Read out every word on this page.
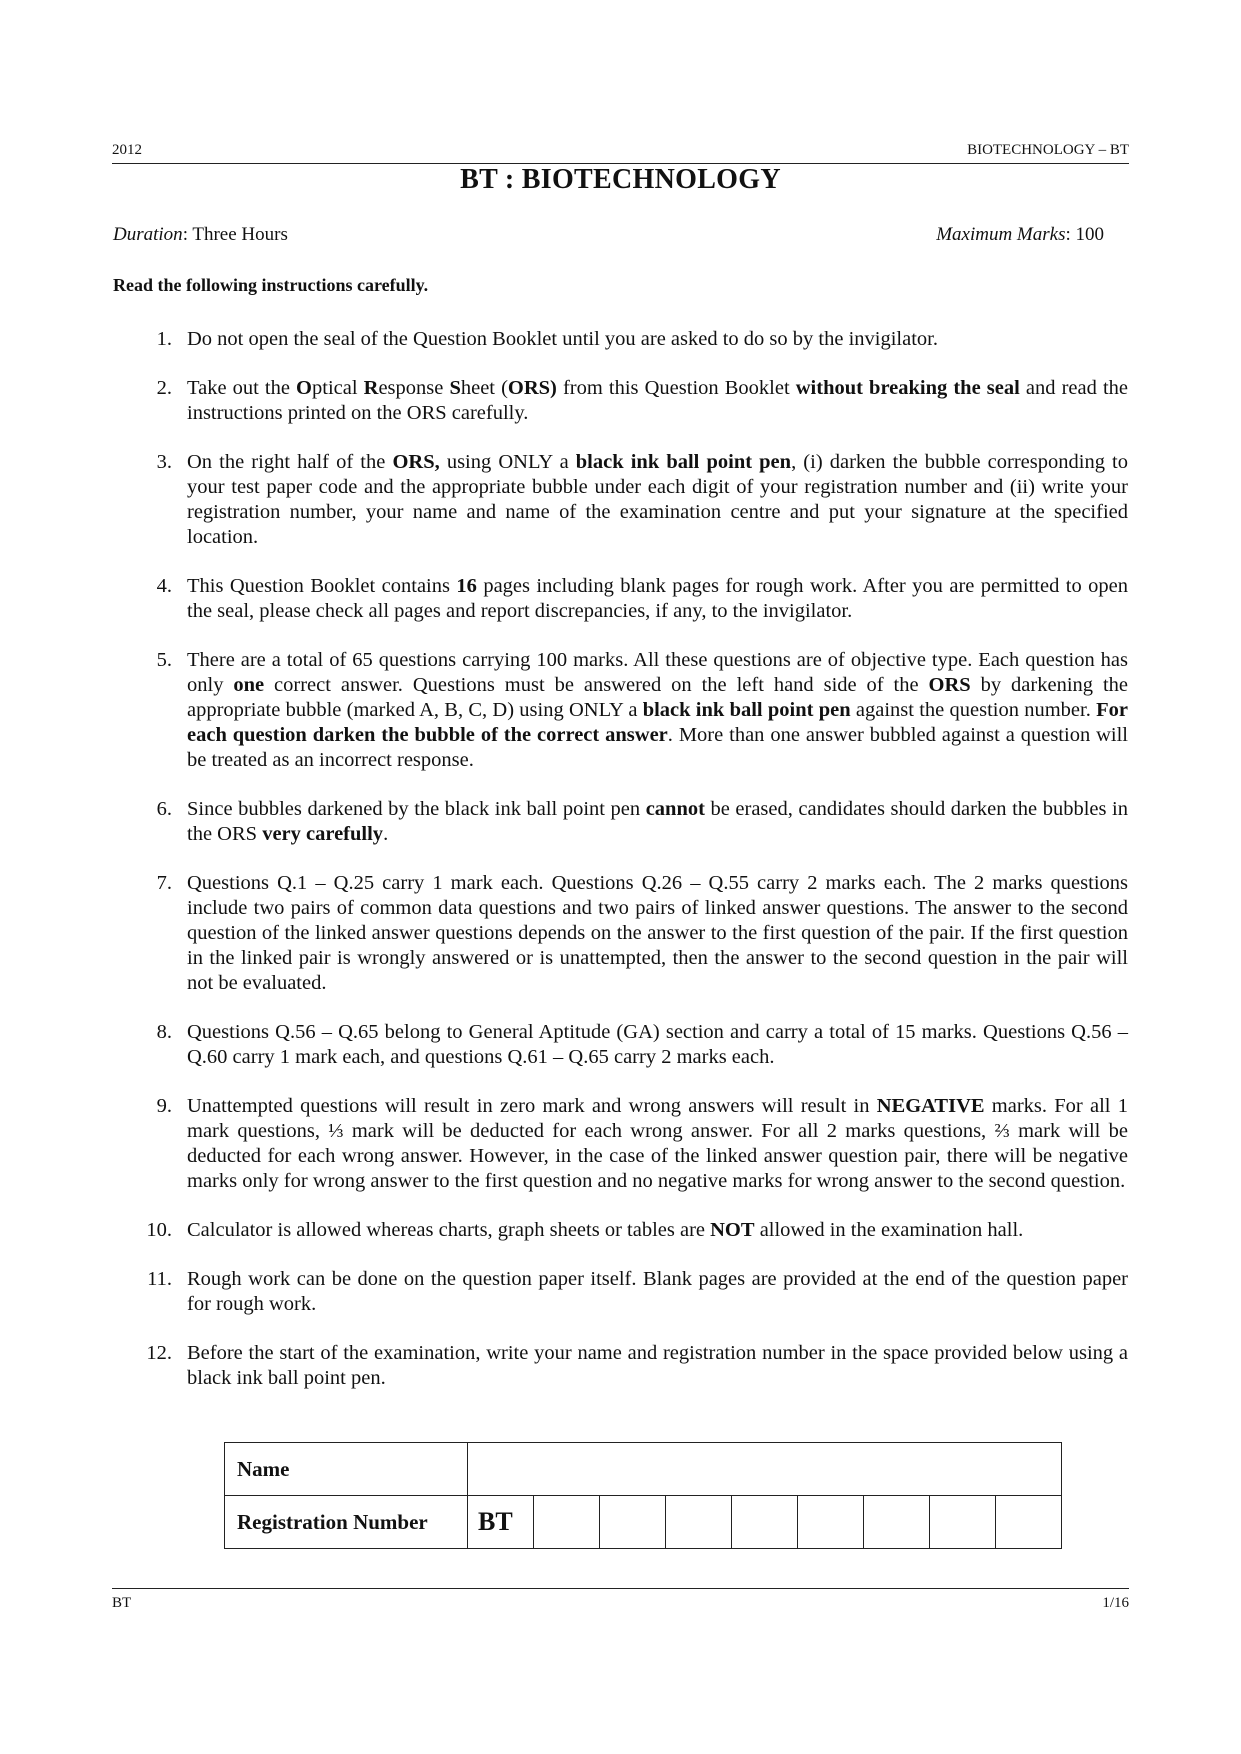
2012	BIOTECHNOLOGY – BT
BT : BIOTECHNOLOGY
Duration: Three Hours	Maximum Marks: 100
Read the following instructions carefully.
1. Do not open the seal of the Question Booklet until you are asked to do so by the invigilator.
2. Take out the Optical Response Sheet (ORS) from this Question Booklet without breaking the seal and read the instructions printed on the ORS carefully.
3. On the right half of the ORS, using ONLY a black ink ball point pen, (i) darken the bubble corresponding to your test paper code and the appropriate bubble under each digit of your registration number and (ii) write your registration number, your name and name of the examination centre and put your signature at the specified location.
4. This Question Booklet contains 16 pages including blank pages for rough work. After you are permitted to open the seal, please check all pages and report discrepancies, if any, to the invigilator.
5. There are a total of 65 questions carrying 100 marks. All these questions are of objective type. Each question has only one correct answer. Questions must be answered on the left hand side of the ORS by darkening the appropriate bubble (marked A, B, C, D) using ONLY a black ink ball point pen against the question number. For each question darken the bubble of the correct answer. More than one answer bubbled against a question will be treated as an incorrect response.
6. Since bubbles darkened by the black ink ball point pen cannot be erased, candidates should darken the bubbles in the ORS very carefully.
7. Questions Q.1 – Q.25 carry 1 mark each. Questions Q.26 – Q.55 carry 2 marks each. The 2 marks questions include two pairs of common data questions and two pairs of linked answer questions. The answer to the second question of the linked answer questions depends on the answer to the first question of the pair. If the first question in the linked pair is wrongly answered or is unattempted, then the answer to the second question in the pair will not be evaluated.
8. Questions Q.56 – Q.65 belong to General Aptitude (GA) section and carry a total of 15 marks. Questions Q.56 – Q.60 carry 1 mark each, and questions Q.61 – Q.65 carry 2 marks each.
9. Unattempted questions will result in zero mark and wrong answers will result in NEGATIVE marks. For all 1 mark questions, ⅓ mark will be deducted for each wrong answer. For all 2 marks questions, ⅔ mark will be deducted for each wrong answer. However, in the case of the linked answer question pair, there will be negative marks only for wrong answer to the first question and no negative marks for wrong answer to the second question.
10. Calculator is allowed whereas charts, graph sheets or tables are NOT allowed in the examination hall.
11. Rough work can be done on the question paper itself. Blank pages are provided at the end of the question paper for rough work.
12. Before the start of the examination, write your name and registration number in the space provided below using a black ink ball point pen.
Name									
Registration Number	BT								
BT	1/16
